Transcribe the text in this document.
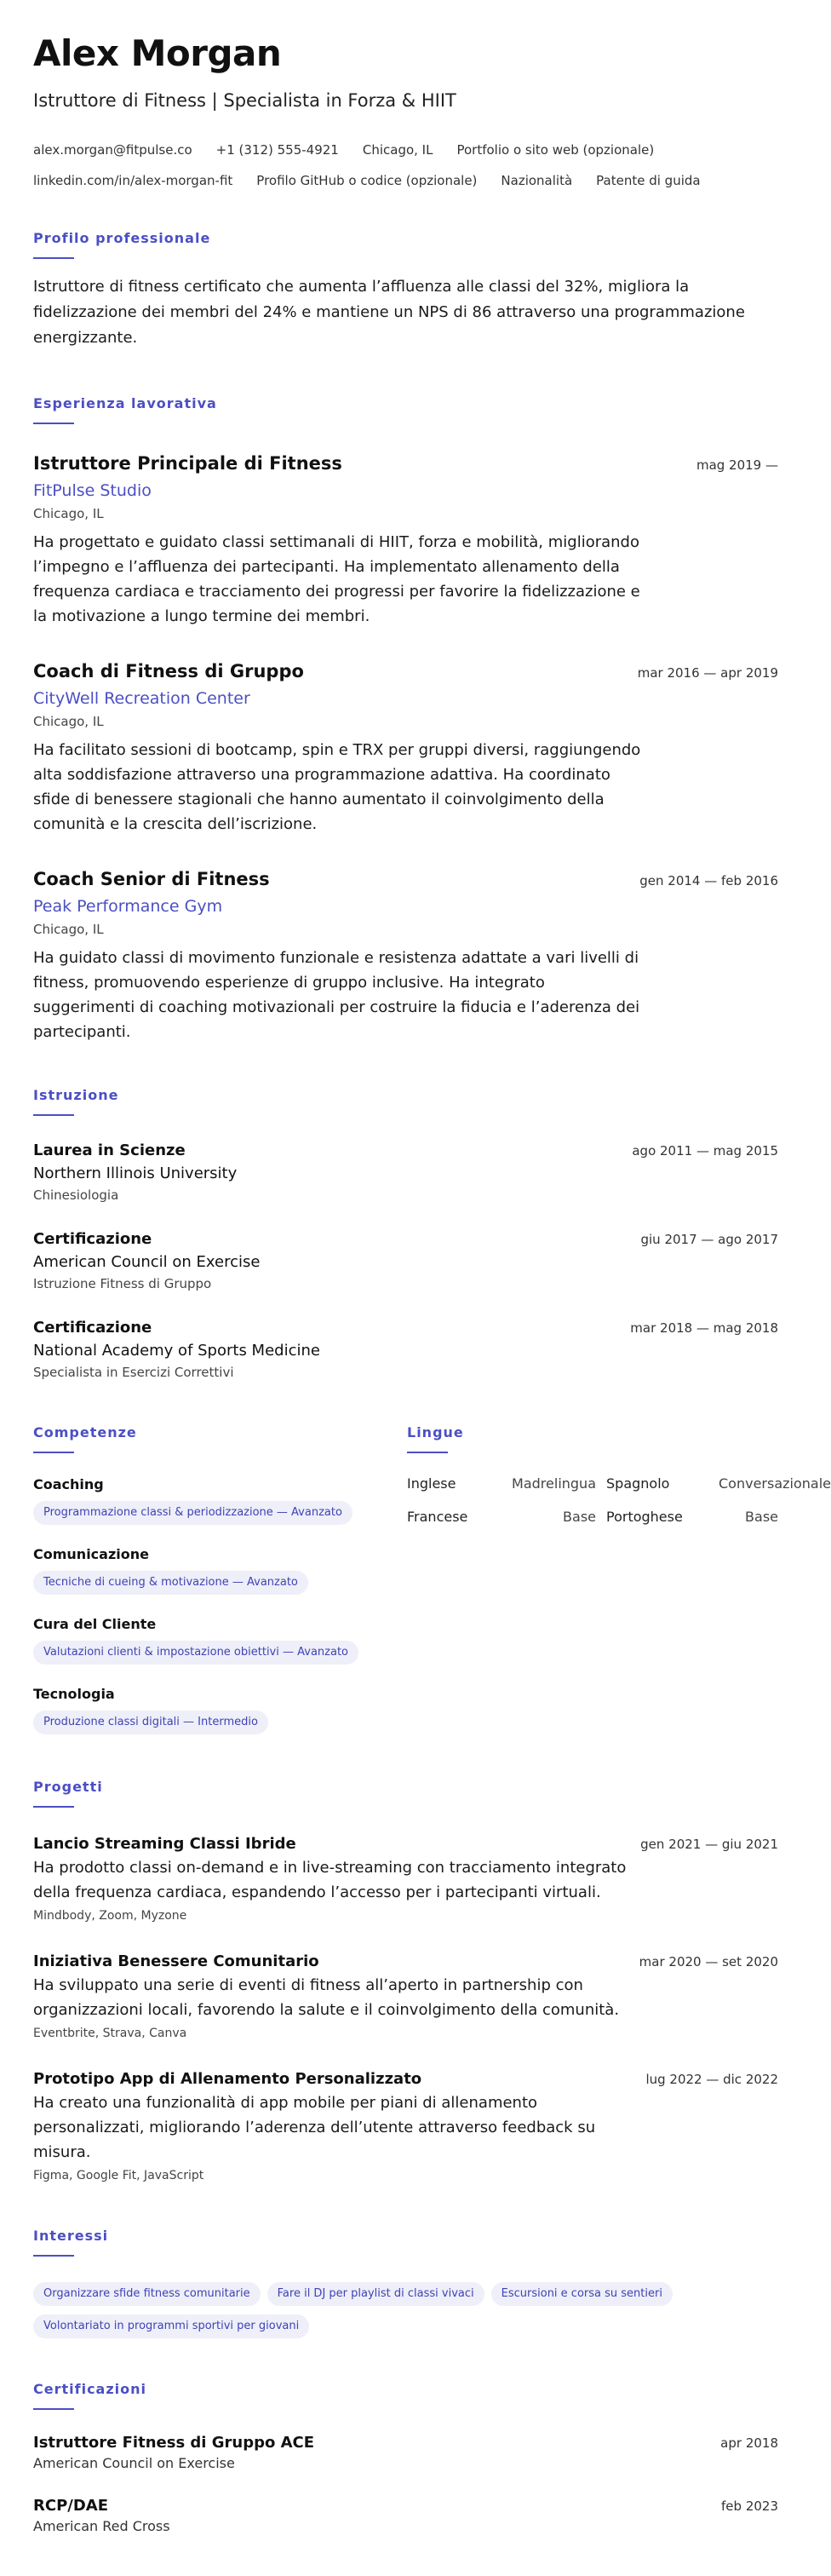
Alex Morgan
Istruttore di Fitness | Specialista in Forza & HIIT
alex.morgan@fitpulse.co +1 (312) 555-4921 Chicago, IL Portfolio o sito web (opzionale)
linkedin.com/in/alex-morgan-fit Profilo GitHub o codice (opzionale) Nazionalità Patente di guida
Profilo professionale
Istruttore di fitness certificato che aumenta l’affluenza alle classi del 32%, migliora la fidelizzazione dei membri del 24% e mantiene un NPS di 86 attraverso una programmazione energizzante.
Esperienza lavorativa
Istruttore Principale di Fitness	mag 2019 —
FitPulse Studio
Chicago, IL
Ha progettato e guidato classi settimanali di HIIT, forza e mobilità, migliorando l’impegno e l’affluenza dei partecipanti. Ha implementato allenamento della frequenza cardiaca e tracciamento dei progressi per favorire la fidelizzazione e la motivazione a lungo termine dei membri.
Coach di Fitness di Gruppo	mar 2016 — apr 2019
CityWell Recreation Center
Chicago, IL
Ha facilitato sessioni di bootcamp, spin e TRX per gruppi diversi, raggiungendo alta soddisfazione attraverso una programmazione adattiva. Ha coordinato sfide di benessere stagionali che hanno aumentato il coinvolgimento della comunità e la crescita dell’iscrizione.
Coach Senior di Fitness	gen 2014 — feb 2016
Peak Performance Gym
Chicago, IL
Ha guidato classi di movimento funzionale e resistenza adattate a vari livelli di fitness, promuovendo esperienze di gruppo inclusive. Ha integrato suggerimenti di coaching motivazionali per costruire la fiducia e l’aderenza dei partecipanti.
Istruzione
Laurea in Scienze	ago 2011 — mag 2015
Northern Illinois University
Chinesiologia
Certificazione	giu 2017 — ago 2017
American Council on Exercise
Istruzione Fitness di Gruppo
Certificazione	mar 2018 — mag 2018
National Academy of Sports Medicine
Specialista in Esercizi Correttivi
Competenze
Coaching
Programmazione classi & periodizzazione — Avanzato
Comunicazione
Tecniche di cueing & motivazione — Avanzato
Cura del Cliente
Valutazioni clienti & impostazione obiettivi — Avanzato
Tecnologia
Produzione classi digitali — Intermedio
Lingue
Inglese	Madrelingua Spagnolo	Conversazionale
Francese	Base Portoghese	Base
Progetti
Lancio Streaming Classi Ibride	gen 2021 — giu 2021
Ha prodotto classi on-demand e in live-streaming con tracciamento integrato della frequenza cardiaca, espandendo l’accesso per i partecipanti virtuali.
Mindbody, Zoom, Myzone
Iniziativa Benessere Comunitario	mar 2020 — set 2020
Ha sviluppato una serie di eventi di fitness all’aperto in partnership con organizzazioni locali, favorendo la salute e il coinvolgimento della comunità.
Eventbrite, Strava, Canva
Prototipo App di Allenamento Personalizzato	lug 2022 — dic 2022
Ha creato una funzionalità di app mobile per piani di allenamento personalizzati, migliorando l’aderenza dell’utente attraverso feedback su misura.
Figma, Google Fit, JavaScript
Interessi
Organizzare sfide fitness comunitarie Fare il DJ per playlist di classi vivaci Escursioni e corsa su sentieri
Volontariato in programmi sportivi per giovani
Certificazioni
Istruttore Fitness di Gruppo ACE	apr 2018
American Council on Exercise
RCP/DAE	feb 2023
American Red Cross
